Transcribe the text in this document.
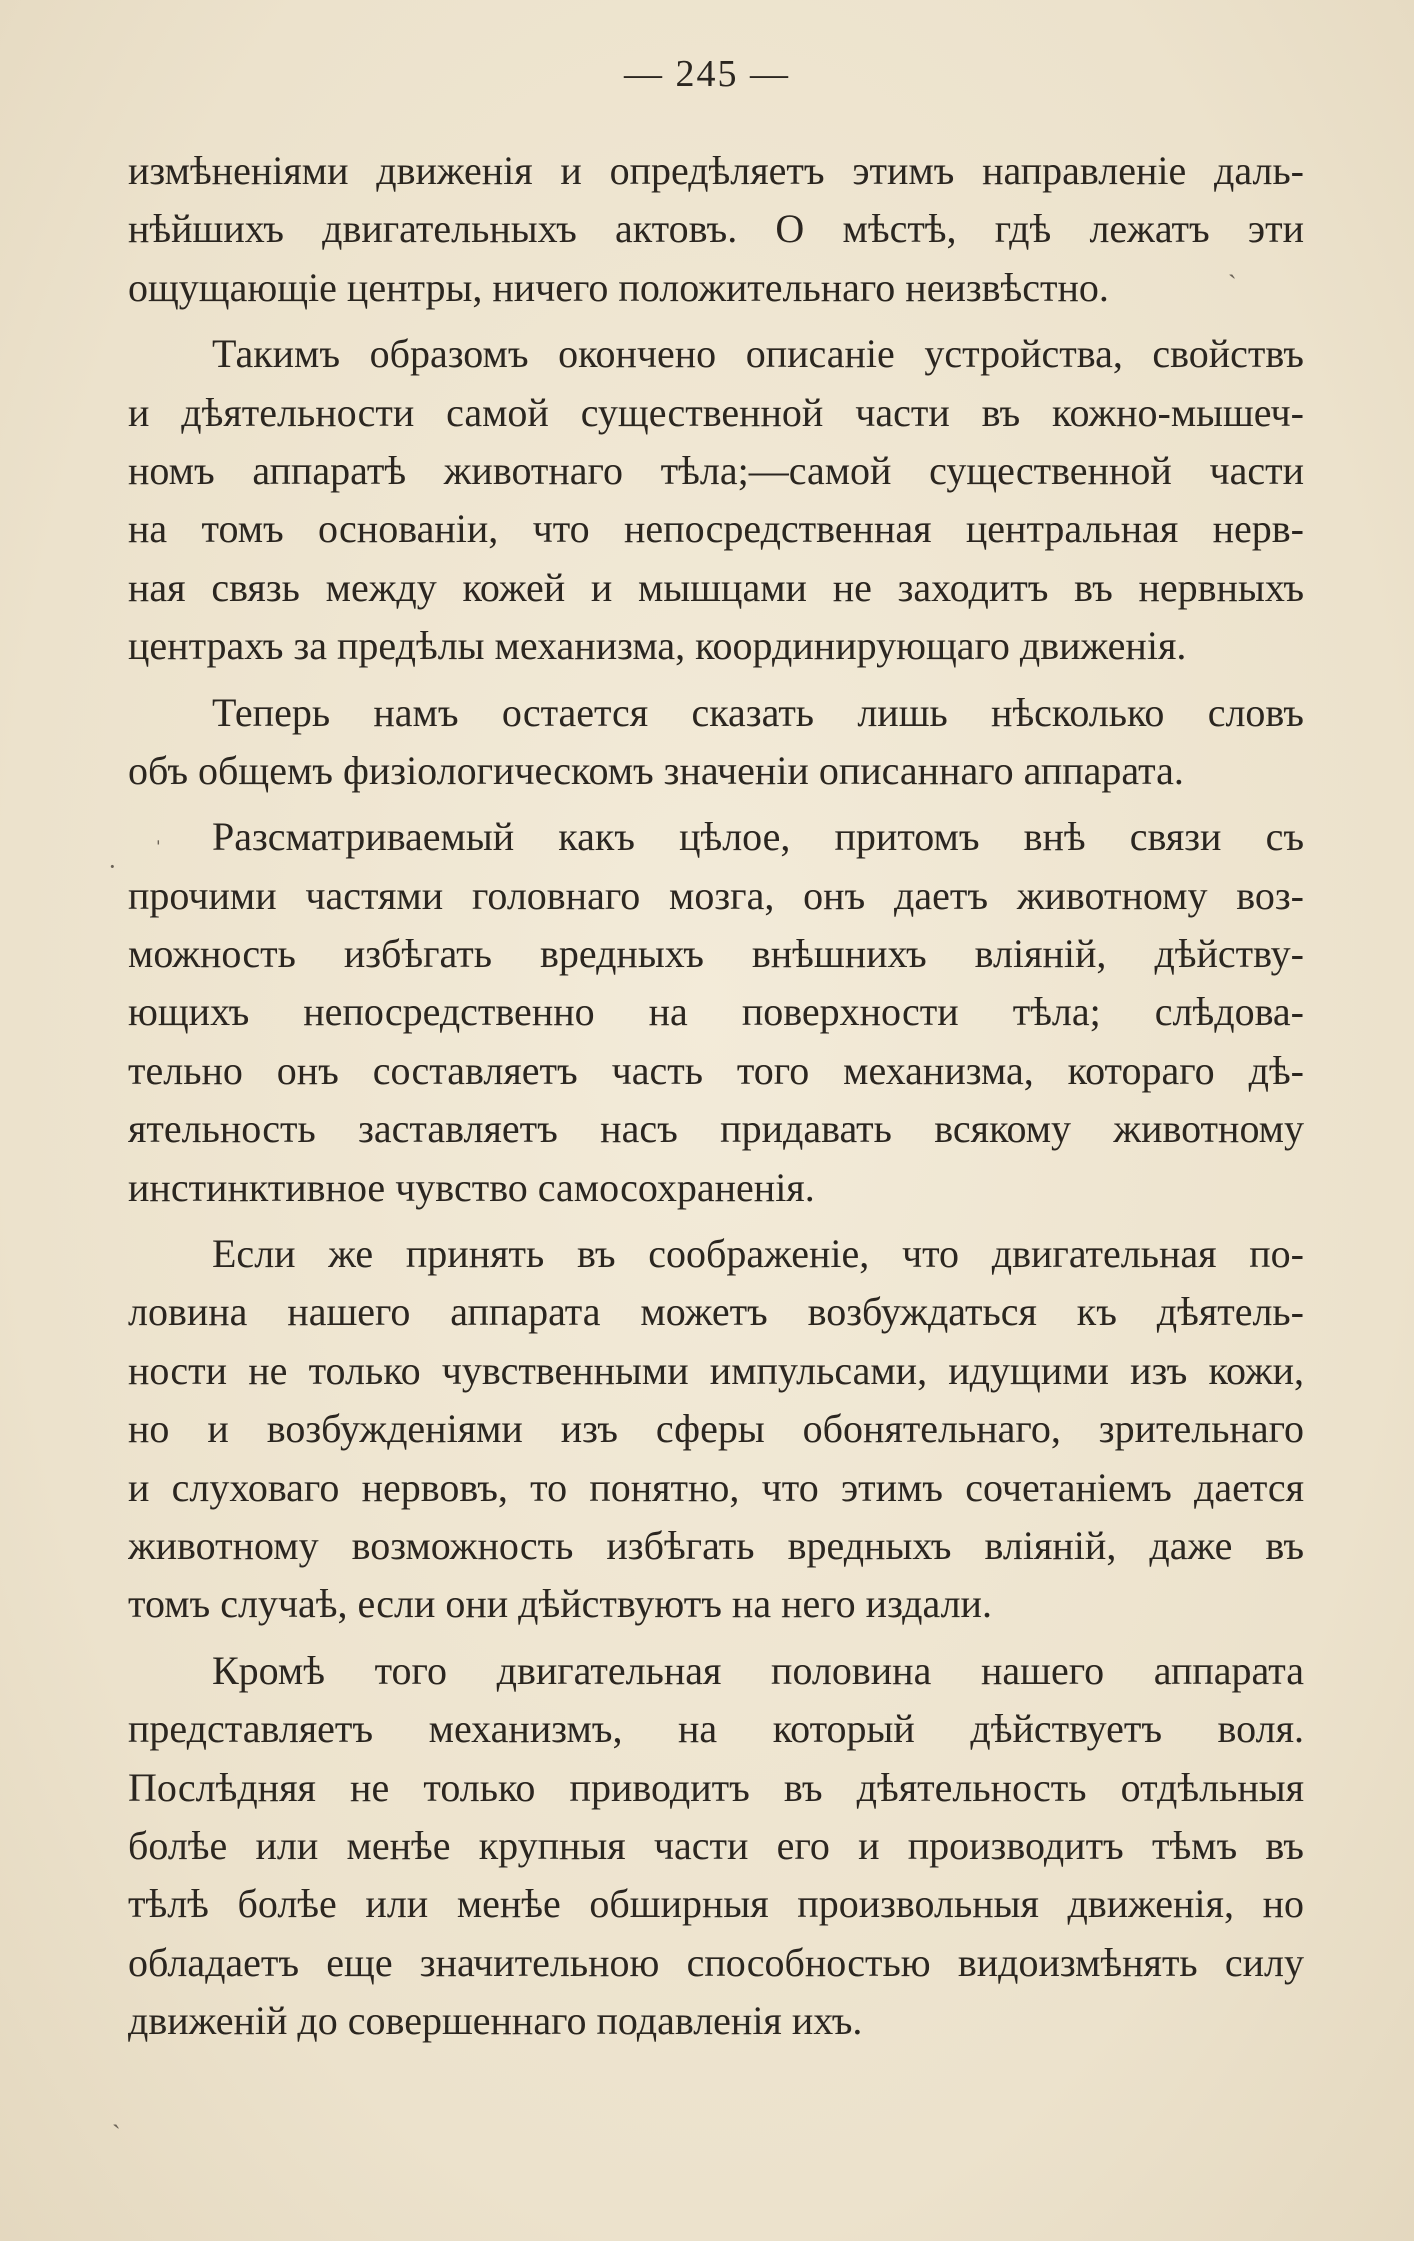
— 245 —

измѣненіями движенія и опредѣляетъ этимъ направленіе даль-
нѣйшихъ двигательныхъ актовъ. О мѣстѣ, гдѣ лежатъ эти
ощущающіе центры, ничего положительнаго неизвѣстно.

Такимъ образомъ окончено описаніе устройства, свойствъ
и дѣятельности самой существенной части въ кожно-мышеч-
номъ аппаратѣ животнаго тѣла;—самой существенной части
на томъ основаніи, что непосредственная центральная нерв-
ная связь между кожей и мышцами не заходитъ въ нервныхъ
центрахъ за предѣлы механизма, координирующаго движенія.

Теперь намъ остается сказать лишь нѣсколько словъ
объ общемъ физіологическомъ значеніи описаннаго аппарата.

Разсматриваемый какъ цѣлое, притомъ внѣ связи съ
прочими частями головнаго мозга, онъ даетъ животному воз-
можность избѣгать вредныхъ внѣшнихъ вліяній, дѣйству-
ющихъ непосредственно на поверхности тѣла; слѣдова-
тельно онъ составляетъ часть того механизма, котораго дѣ-
ятельность заставляетъ насъ придавать всякому животному
инстинктивное чувство самосохраненія.

Если же принять въ соображеніе, что двигательная по-
ловина нашего аппарата можетъ возбуждаться къ дѣятель-
ности не только чувственными импульсами, идущими изъ кожи,
но и возбужденіями изъ сферы обонятельнаго, зрительнаго
и слуховаго нервовъ, то понятно, что этимъ сочетаніемъ дается
животному возможность избѣгать вредныхъ вліяній, даже въ
томъ случаѣ, если они дѣйствуютъ на него издали.

Кромѣ того двигательная половина нашего аппарата
представляетъ механизмъ, на который дѣйствуетъ воля.
Послѣдняя не только приводитъ въ дѣятельность отдѣльныя
болѣе или менѣе крупныя части его и производитъ тѣмъ въ
тѣлѣ болѣе или менѣе обширныя произвольныя движенія, но
обладаетъ еще значительною способностью видоизмѣнять силу
движеній до совершеннаго подавленія ихъ.

ˋ
·
ˈ
ˋ
